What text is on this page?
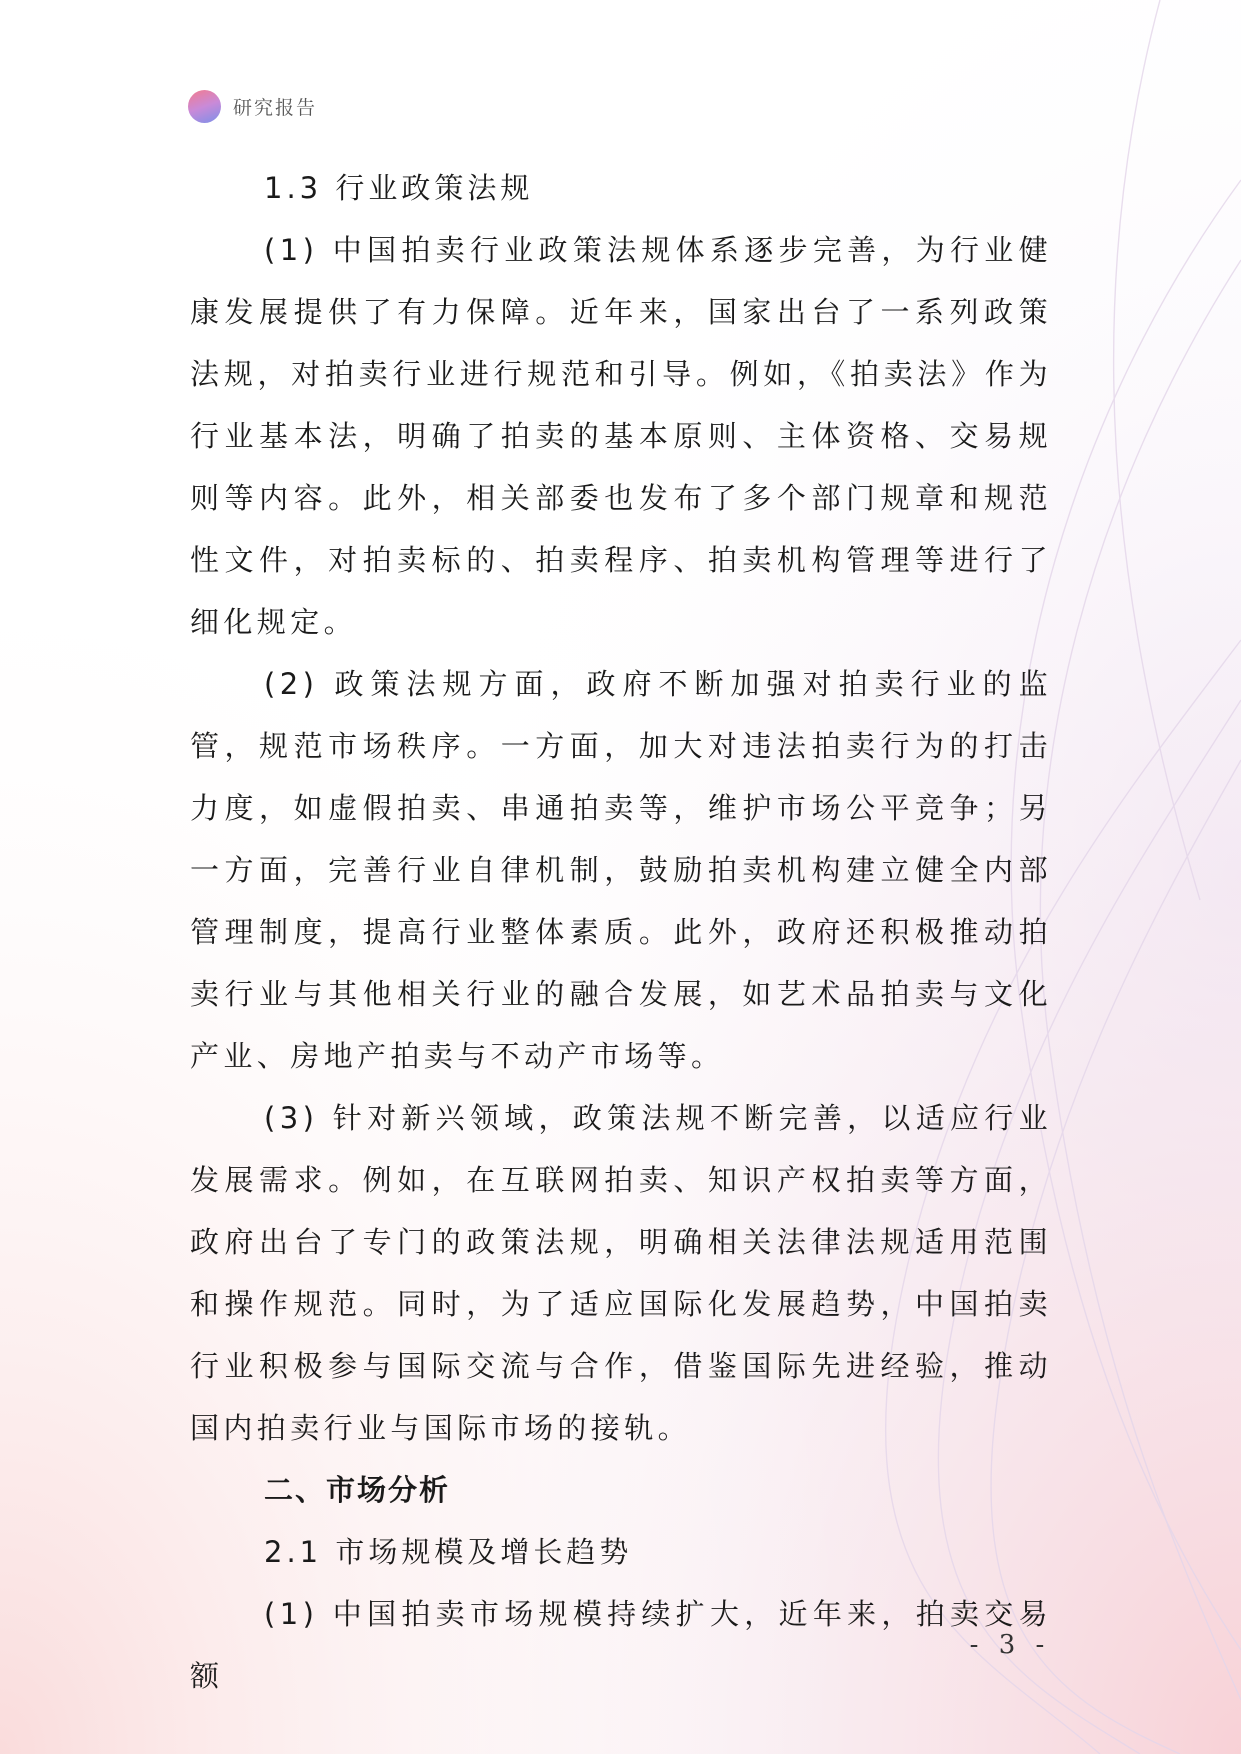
研究报告
1.3 行业政策法规

(1) 中国拍卖行业政策法规体系逐步完善，为行业健康发展提供了有力保障。近年来，国家出台了一系列政策法规，对拍卖行业进行规范和引导。例如，《拍卖法》作为行业基本法，明确了拍卖的基本原则、主体资格、交易规则等内容。此外，相关部委也发布了多个部门规章和规范性文件，对拍卖标的、拍卖程序、拍卖机构管理等进行了细化规定。

(2) 政策法规方面，政府不断加强对拍卖行业的监管，规范市场秩序。一方面，加大对违法拍卖行为的打击力度，如虚假拍卖、串通拍卖等，维护市场公平竞争；另一方面，完善行业自律机制，鼓励拍卖机构建立健全内部管理制度，提高行业整体素质。此外，政府还积极推动拍卖行业与其他相关行业的融合发展，如艺术品拍卖与文化产业、房地产拍卖与不动产市场等。

(3) 针对新兴领域，政策法规不断完善，以适应行业发展需求。例如，在互联网拍卖、知识产权拍卖等方面，政府出台了专门的政策法规，明确相关法律法规适用范围和操作规范。同时，为了适应国际化发展趋势，中国拍卖行业积极参与国际交流与合作，借鉴国际先进经验，推动国内拍卖行业与国际市场的接轨。

二、市场分析
2.1 市场规模及增长趋势

(1) 中国拍卖市场规模持续扩大，近年来，拍卖交易额

- 3 -
